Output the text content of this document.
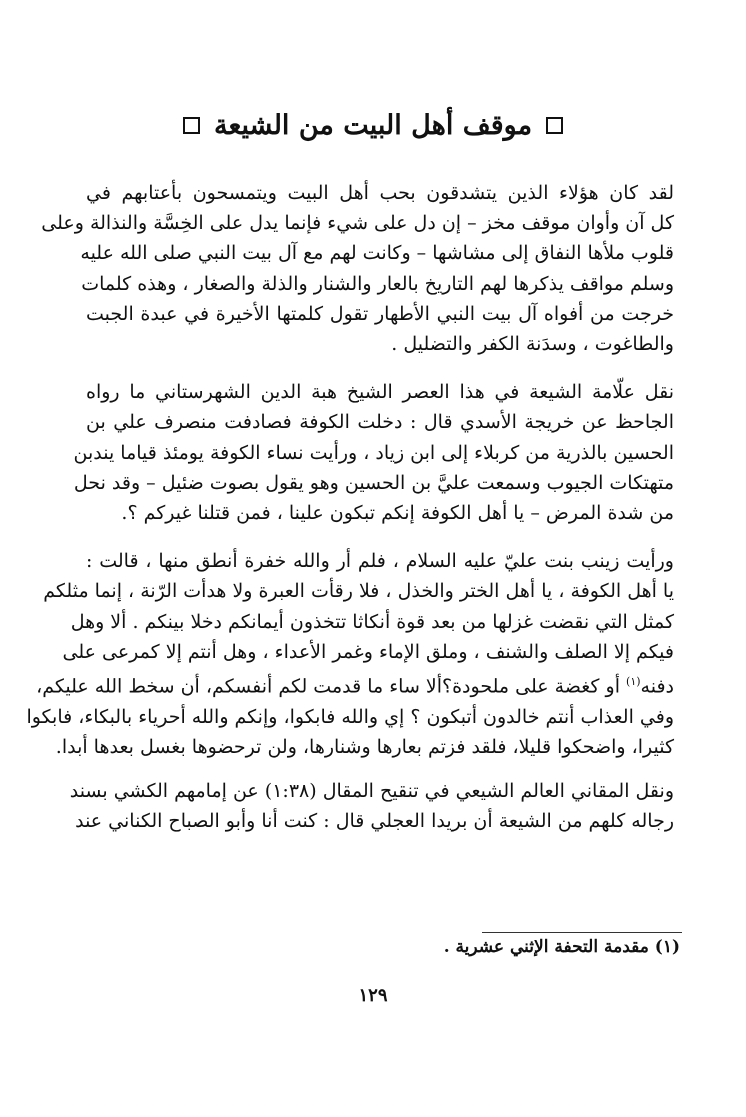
موقف أهل البيت من الشيعة
لقد كان هؤلاء الذين يتشدقون بحب أهل البيت ويتمسحون بأعتابهم في
كل آن وأوان موقف مخز – إن دل على شيء فإنما يدل على الخِسَّة والنذالة وعلى
قلوب ملأها النفاق إلى مشاشها – وكانت لهم مع آل بيت النبي صلى الله عليه
وسلم مواقف يذكرها لهم التاريخ بالعار والشنار والذلة والصغار ، وهذه كلمات
خرجت من أفواه آل بيت النبي الأطهار تقول كلمتها الأخيرة في عبدة الجبت
والطاغوت ، وسدَنة الكفر والتضليل .
نقل علّامة الشيعة في هذا العصر الشيخ هبة الدين الشهرستاني ما رواه
الجاحظ عن خريجة الأسدي قال : دخلت الكوفة فصادفت منصرف علي بن
الحسين بالذرية من كربلاء إلى ابن زياد ، ورأيت نساء الكوفة يومئذ قياما يندبن
متهتكات الجيوب وسمعت عليَّ بن الحسين وهو يقول بصوت ضئيل – وقد نحل
من شدة المرض – يا أهل الكوفة إنكم تبكون علينا ، فمن قتلنا غيركم ؟.
ورأيت زينب بنت عليّ عليه السلام ، فلم أر والله خفرة أنطق منها ، قالت :
يا أهل الكوفة ، يا أهل الختر والخذل ، فلا رقأت العبرة ولا هدأت الرّنة ، إنما مثلكم
كمثل التي نقضت غزلها من بعد قوة أنكاثا تتخذون أيمانكم دخلا بينكم . ألا وهل
فيكم إلا الصلف والشنف ، وملق الإماء وغمر الأعداء ، وهل أنتم إلا كمرعى على
دفنه$^{(١)}$ أو كغضة على ملحودة؟ألا ساء ما قدمت لكم أنفسكم، أن سخط الله عليكم،
وفي العذاب أنتم خالدون أتبكون ؟ إي والله فابكوا، وإنكم والله أحرياء بالبكاء، فابكوا
كثيرا، واضحكوا قليلا، فلقد فزتم بعارها وشنارها، ولن ترحضوها بغسل بعدها أبدا.
ونقل المقاني العالم الشيعي في تنقيح المقال (١:٣٨) عن إمامهم الكشي بسند
رجاله كلهم من الشيعة أن بريدا العجلي قال : كنت أنا وأبو الصباح الكناني عند
(١) مقدمة التحفة الإثني عشرية .
١٢٩
